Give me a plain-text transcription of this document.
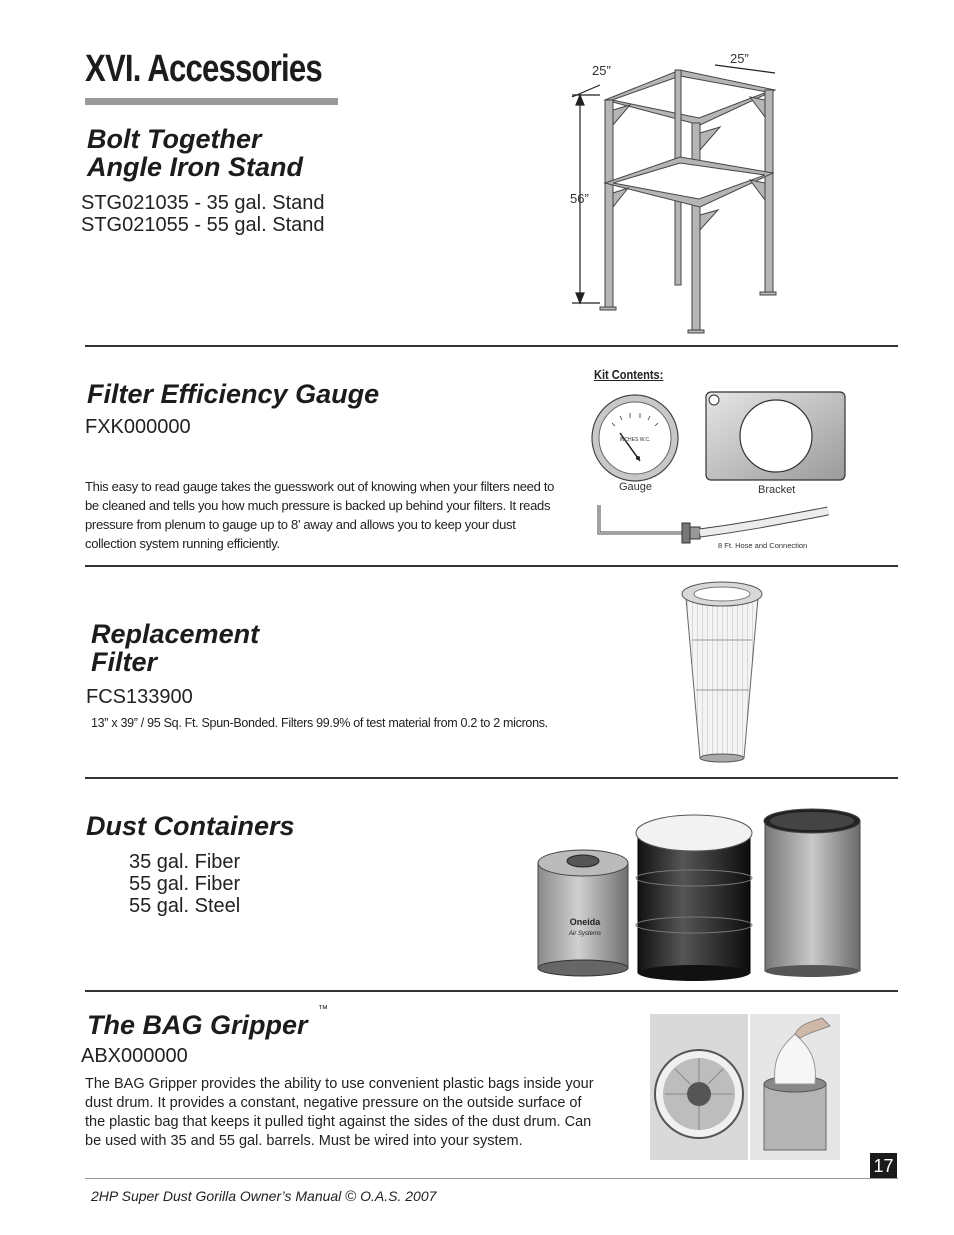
XVI. Accessories
Bolt Together
Angle Iron Stand
STG021035 - 35 gal. Stand
STG021055 - 55 gal. Stand
25”
25”
56”
Filter Efficiency Gauge
FXK000000
This easy to read gauge takes the guesswork out of knowing when your filters need to be cleaned and tells you how much pressure is backed up behind your filters. It reads pressure from plenum to gauge up to 8’ away and allows you to keep your dust collection system running efficiently.
Kit Contents:
INCHES W.C.
Gauge	Bracket
8 Ft. Hose and Connection
Replacement
Filter
FCS133900
13” x 39” / 95 Sq. Ft. Spun-Bonded. Filters 99.9% of test material from 0.2 to 2 microns.
Dust Containers
35 gal. Fiber
55 gal. Fiber
55 gal. Steel
Oneida
Air Systems
The BAG Gripper
™
ABX000000
The BAG Gripper provides the ability to use convenient plastic bags inside your dust drum. It provides a constant, negative pressure on the outside surface of the plastic bag that keeps it pulled tight against the sides of the dust drum. Can be used with 35 and 55 gal. barrels. Must be wired into your system.
17
2HP Super Dust Gorilla Owner’s Manual © O.A.S. 2007
